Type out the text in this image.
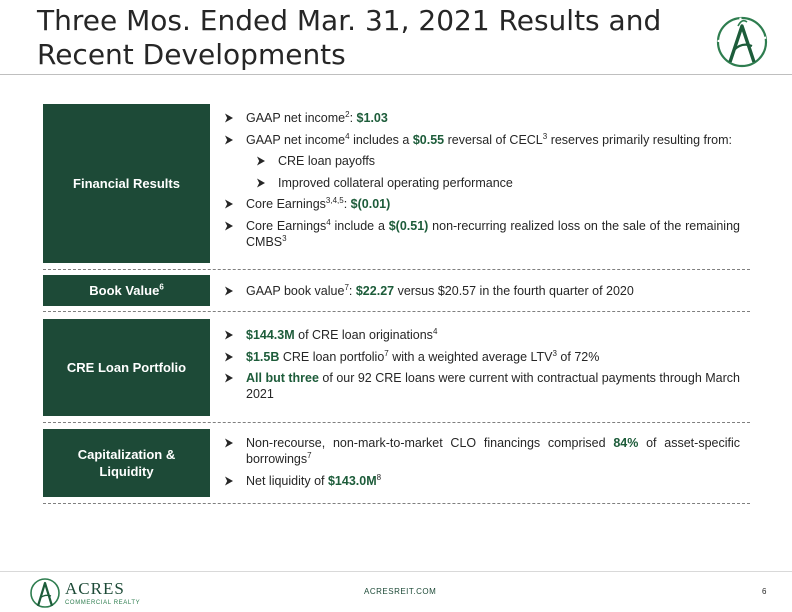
Three Mos. Ended Mar. 31, 2021 Results and Recent Developments
Financial Results
GAAP net income$^2$: $1.03
GAAP net income$^4$ includes a $0.55 reversal of CECL$^3$ reserves primarily resulting from:
CRE loan payoffs
Improved collateral operating performance
Core Earnings$^{3,4,5}$: $(0.01)
Core Earnings$^4$ include a $(0.51) non-recurring realized loss on the sale of the remaining CMBS$^3$
Book Value$^6$	GAAP book value$^7$: $22.27 versus $20.57 in the fourth quarter of 2020
CRE Loan Portfolio
$144.3M of CRE loan originations$^4$
$1.5B CRE loan portfolio$^7$ with a weighted average LTV$^3$ of 72%
All but three of our 92 CRE loans were current with contractual payments through March 2021
Capitalization & Liquidity
Non-recourse, non-mark-to-market CLO financings comprised 84% of asset-specific borrowings$^7$
Net liquidity of $\$143.0M^8$
ACRES
COMMERCIAL REALTY
ACRESREIT.COM	6
